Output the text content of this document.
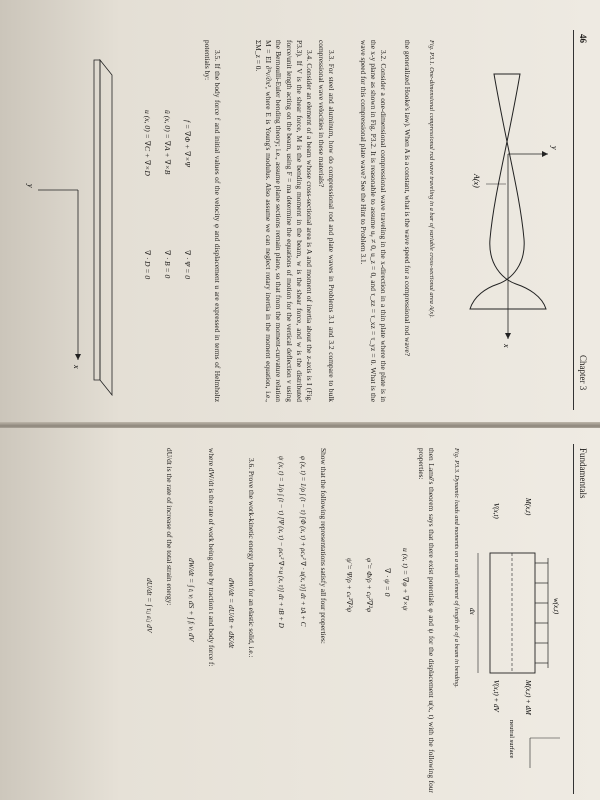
46
Chapter 3
x
y
A(x)
Fig. P3.1. One-dimensional compressional rod wave traveling in a bar of variable cross-sectional area A(x).
the generalized Hooke's law). When A is a constant, what is the wave speed for a compressional rod wave?
3.2. Consider a one-dimensional compressional wave traveling in the x-direction in a thin plate where the plate is in the x-y plane as shown in Fig. P3.2. It is reasonable to assume uᵧ ≠ 0, u_z = 0, and τ_zz = τ_xz = τ_yz = 0. What is the wave speed for this compressional plate wave? See the Hint to Problem 3.1.
3.3. For steel and aluminum, how do compressional rod and plate waves in Problems 3.1 and 3.2 compare to bulk compressional wave velocities in these materials?
3.4. Consider an element of a beam whose cross-sectional area is A and moment of inertia about the z-axis is I (Fig. P3.3). If V is the shear force, M is the bending moment in the beam, w is the shear force, and w is the distributed force/unit length acting on the beam, using F = ma determine the equations of motion for the vertical deflection v using the Bernoulli-Euler bending theory; i.e., assume plane sections remain plane, so that from the moment-curvature relation M = EI ∂²v/∂x², where E is Young's modulus. Also assume we can neglect rotary inertia in the moment equation, i.e., ΣM_z = 0.
3.5. If the body force f and initial values of the velocity φ and displacement u are expressed in terms of Helmholtz potentials by:
f = ∇Φ + ∇×Ψ
∇ · Ψ = 0
û (x, 0) = ∇A + ∇×B
∇ · B = 0
u (x, 0) = ∇C + ∇×D
∇ · D = 0
x
y
Fundamentals
w(x,t)
M(x,t)
M(x,t) + dM
V(x,t)
V(x,t) + dV
dx
neutral surface
Fig. P3.3. Dynamic loads and moments on a small element of length dx of a beam in bending.
then Lamé's theorem says that there exist potentials φ and ψ for the displacement u(x, t) with the following four properties:
u (x, t) = ∇φ + ∇×ψ
∇ · ψ = 0
φ̈ = Φ/ρ + cₚ²∇²φ
ψ̈ = Ψ/ρ + cₛ²∇²ψ
Show that the following representations satisfy all four properties:
φ (x, t) = 1/ρ ∫ (t − τ) [Φ (x, τ) + ρcₚ² ∇ · u(x, τ)] dτ + tA + C
ψ (x, t) = 1/ρ ∫ (t − τ) [Ψ (x, τ) − ρcₛ² ∇×u (x, τ)] dτ + tB + D
3.6. Prove the work-kinetic energy theorem for an elastic solid, i.e.:
dW/dt = dU/dt + dK/dt
where dW/dt is the rate of work being done by traction t and body force f:
dW/dt = ∫ tᵢ vᵢ dS + ∫ fᵢ vᵢ dV
dU/dt is the rate of increase of the total strain energy:
dU/dt = ∫ τᵢⱼ ε̇ᵢⱼ dV
